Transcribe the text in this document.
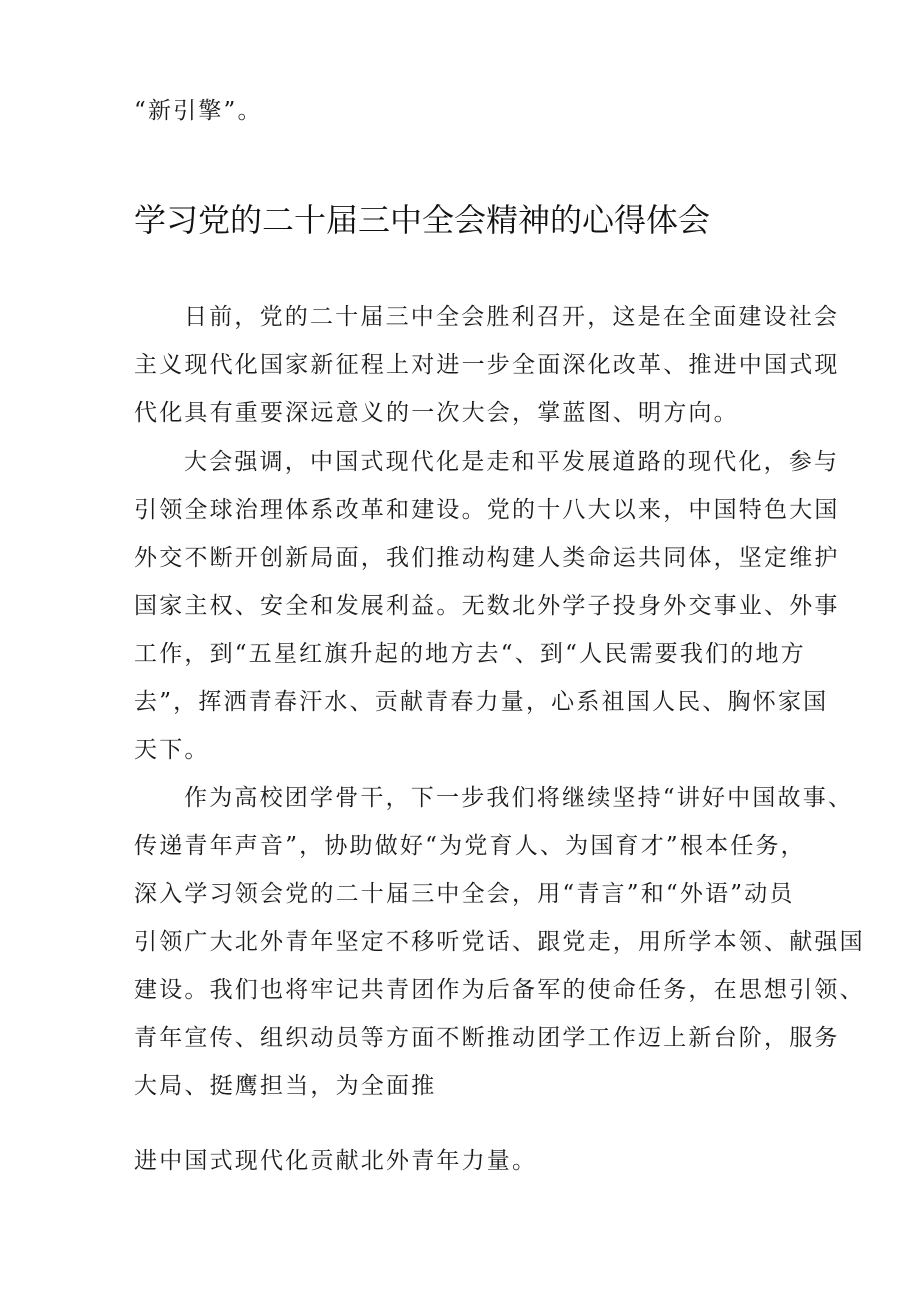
“新引擎”。

学习党的二十届三中全会精神的心得体会

日前，党的二十届三中全会胜利召开，这是在全面建设社会

主义现代化国家新征程上对进一步全面深化改革、推进中国式现

代化具有重要深远意义的一次大会，掌蓝图、明方向。

大会强调，中国式现代化是走和平发展道路的现代化，参与

引领全球治理体系改革和建设。党的十八大以来，中国特色大国

外交不断开创新局面，我们推动构建人类命运共同体，坚定维护

国家主权、安全和发展利益。无数北外学子投身外交事业、外事

工作，到“五星红旗升起的地方去“、到“人民需要我们的地方

去”，挥洒青春汗水、贡献青春力量，心系祖国人民、胸怀家国

天下。

作为高校团学骨干，下一步我们将继续坚持“讲好中国故事、

传递青年声音”，协助做好“为党育人、为国育才”根本任务，

深入学习领会党的二十届三中全会，用“青言”和“外语”动员

引领广大北外青年坚定不移听党话、跟党走，用所学本领、献强国

建设。我们也将牢记共青团作为后备军的使命任务，在思想引领、

青年宣传、组织动员等方面不断推动团学工作迈上新台阶，服务

大局、挺鹰担当，为全面推

进中国式现代化贡献北外青年力量。
